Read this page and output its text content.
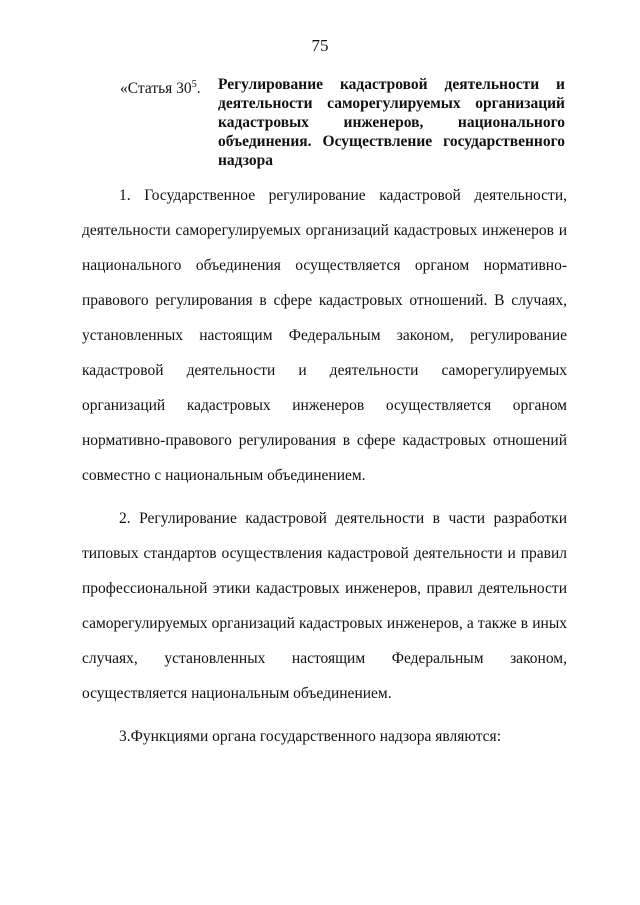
75
«Статья $30^5$.	Регулирование кадастровой деятельности и деятельности саморегулируемых организаций кадастровых инженеров, национального объединения. Осуществление государственного надзора

1. Государственное регулирование кадастровой деятельности, деятельности саморегулируемых организаций кадастровых инженеров и национального объединения осуществляется органом нормативно-правового регулирования в сфере кадастровых отношений. В случаях, установленных настоящим Федеральным законом, регулирование кадастровой деятельности и деятельности саморегулируемых организаций кадастровых инженеров осуществляется органом нормативно-правового регулирования в сфере кадастровых отношений совместно с национальным объединением.

2. Регулирование кадастровой деятельности в части разработки типовых стандартов осуществления кадастровой деятельности и правил профессиональной этики кадастровых инженеров, правил деятельности саморегулируемых организаций кадастровых инженеров, а также в иных случаях, установленных настоящим Федеральным законом, осуществляется национальным объединением.

3.Функциями органа государственного надзора являются:
